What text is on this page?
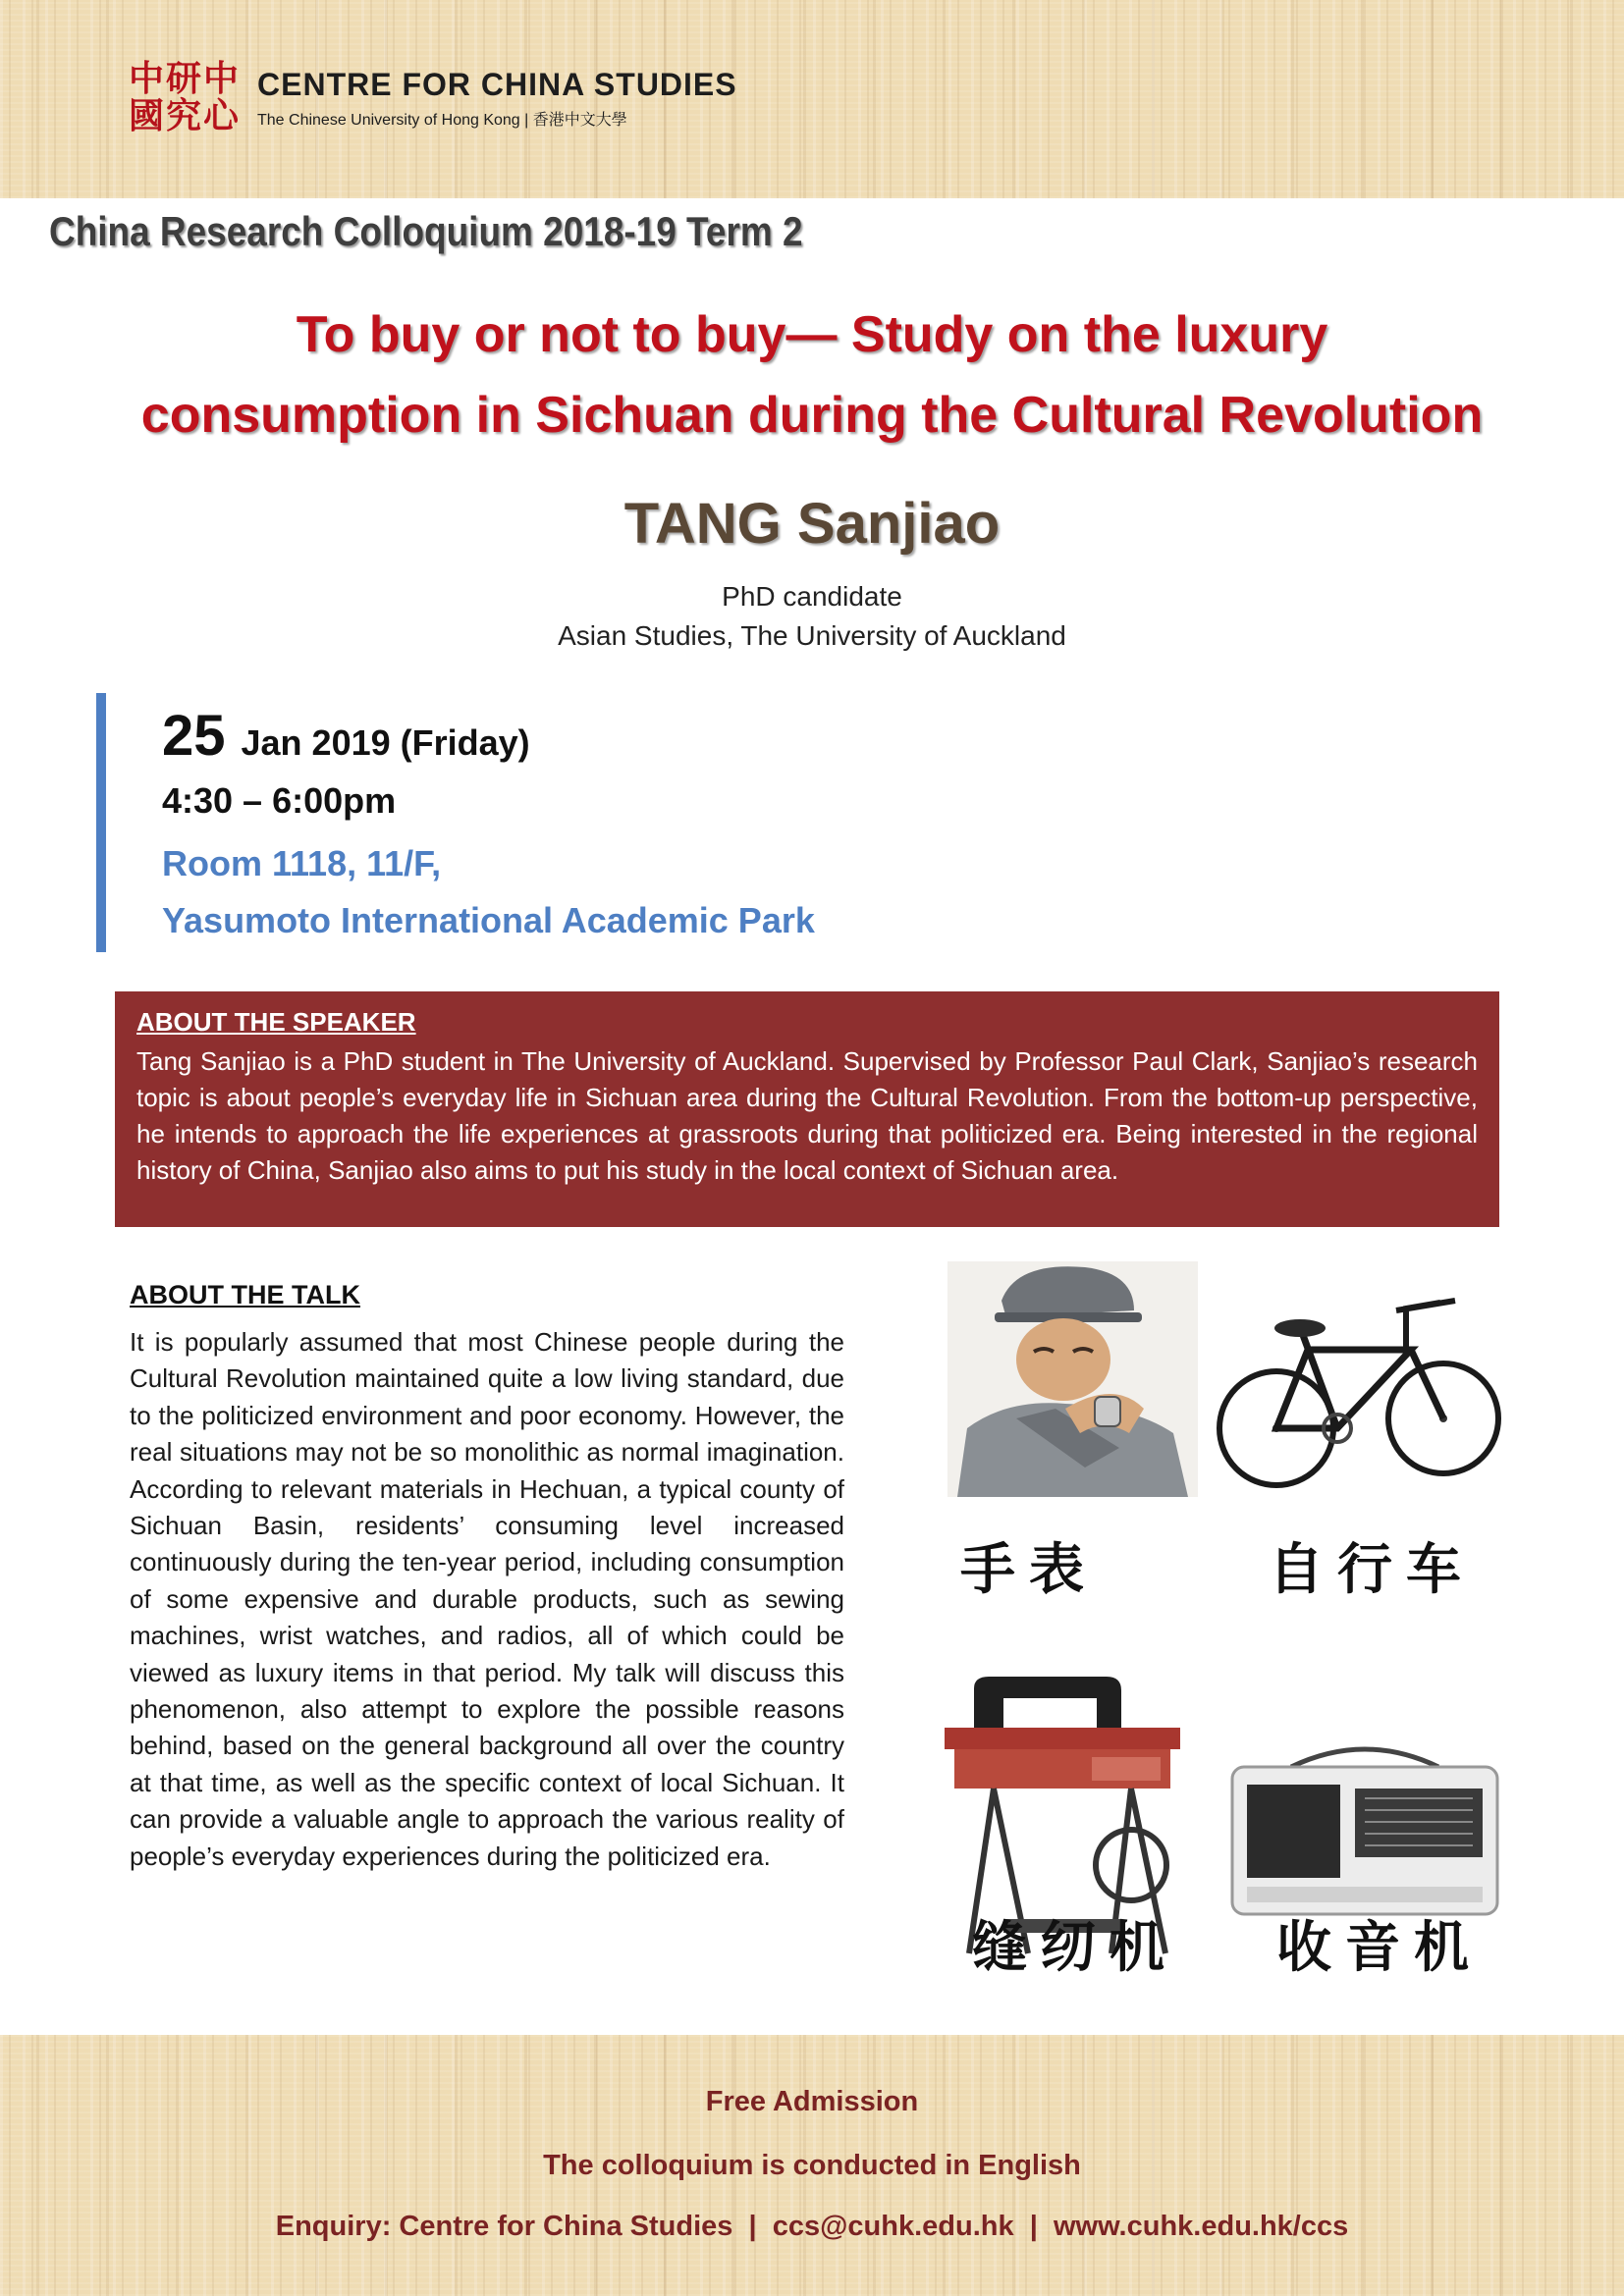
中 研 中
國 究 心
CENTRE FOR CHINA STUDIES
The Chinese University of Hong Kong | 香港中文大學
China Research Colloquium 2018-19 Term 2
To buy or not to buy— Study on the luxury
consumption in Sichuan during the Cultural Revolution
TANG Sanjiao
PhD candidate
Asian Studies, The University of Auckland
25 Jan 2019 (Friday)
4:30 – 6:00pm
Room 1118, 11/F,
Yasumoto International Academic Park
ABOUT THE SPEAKER
Tang Sanjiao is a PhD student in The University of Auckland. Supervised by Professor Paul Clark, Sanjiao’s research topic is about people’s everyday life in Sichuan area during the Cultural Revolution. From the bottom-up perspective, he intends to approach the life experiences at grassroots during that politicized era. Being interested in the regional history of China, Sanjiao also aims to put his study in the local context of Sichuan area.
ABOUT THE TALK
It is popularly assumed that most Chinese people during the Cultural Revolution maintained quite a low living standard, due to the politicized environment and poor economy. However, the real situations may not be so monolithic as normal imagination. According to relevant materials in Hechuan, a typical county of Sichuan Basin, residents’ consuming level increased continuously during the ten-year period, including consumption of some expensive and durable products, such as sewing machines, wrist watches, and radios, all of which could be viewed as luxury items in that period. My talk will discuss this phenomenon, also attempt to explore the possible reasons behind, based on the general background all over the country at that time, as well as the specific context of local Sichuan. It can provide a valuable angle to approach the various reality of people’s everyday experiences during the politicized era.
手表	自行车
缝纫机 收音机
Free Admission
The colloquium is conducted in English
Enquiry: Centre for China Studies  |  ccs@cuhk.edu.hk  |  www.cuhk.edu.hk/ccs
